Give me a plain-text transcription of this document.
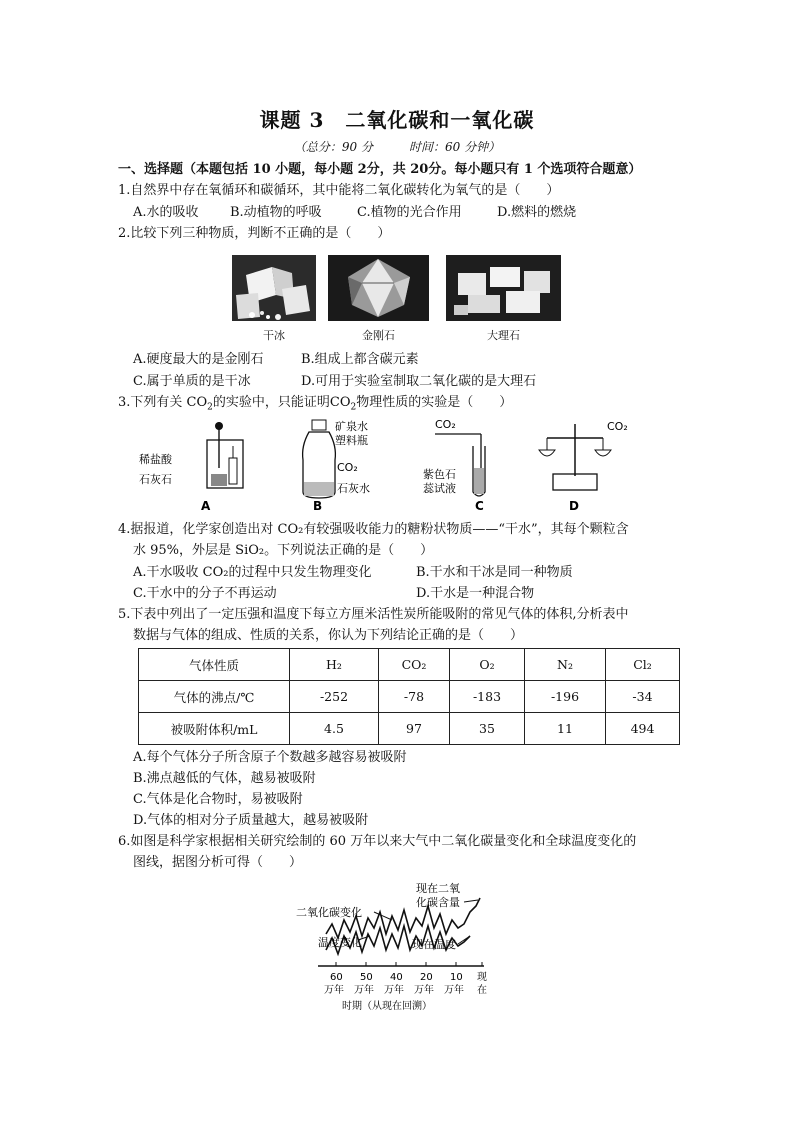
课题 3　二氧化碳和一氧化碳
（总分：90 分　　　时间：60 分钟）
一、选择题（本题包括 10 小题，每小题 2分，共 20分。每小题只有 1 个选项符合题意）
1.自然界中存在氧循环和碳循环，其中能将二氧化碳转化为氧气的是（　　）
A.水的吸收 B.动植物的呼吸	C.植物的光合作用	D.燃料的燃烧
2.比较下列三种物质，判断不正确的是（　　）
干冰	金刚石	大理石
A.硬度最大的是金刚石	B.组成上都含碳元素
C.属于单质的是干冰	D.可用于实验室制取二氧化碳的是大理石
3.下列有关 $CO_2$的实验中，只能证明$CO_2$物理性质的实验是（　　）
稀盐酸
石灰石
A
矿泉水
塑料瓶
CO₂
石灰水
B
CO₂
紫色石
蕊试液
C
CO₂
D
4.据报道，化学家创造出对 CO₂有较强吸收能力的糖粉状物质——“干水”，其每个颗粒含
水 95%，外层是 SiO₂。下列说法正确的是（　　）
A.干水吸收 CO₂的过程中只发生物理变化	B.干水和干冰是同一种物质
C.干水中的分子不再运动	D.干水是一种混合物
5.下表中列出了一定压强和温度下每立方厘米活性炭所能吸附的常见气体的体积,分析表中
数据与气体的组成、性质的关系，你认为下列结论正确的是（　　）
气体性质	H₂	CO₂	O₂	N₂	Cl₂
气体的沸点/℃	-252	-78	-183	-196	-34
被吸附体积/mL	4.5	97	35	11	494
A.每个气体分子所含原子个数越多越容易被吸附
B.沸点越低的气体，越易被吸附
C.气体是化合物时，易被吸附
D.气体的相对分子质量越大，越易被吸附
6.如图是科学家根据相关研究绘制的 60 万年以来大气中二氧化碳量变化和全球温度变化的
图线，据图分析可得（　　）
现在二氧
化碳含量
二氧化碳变化
温度变化	现在温度
60 50 40 20 10 现
万年 万年 万年 万年 万年 在
时期（从现在回溯）
